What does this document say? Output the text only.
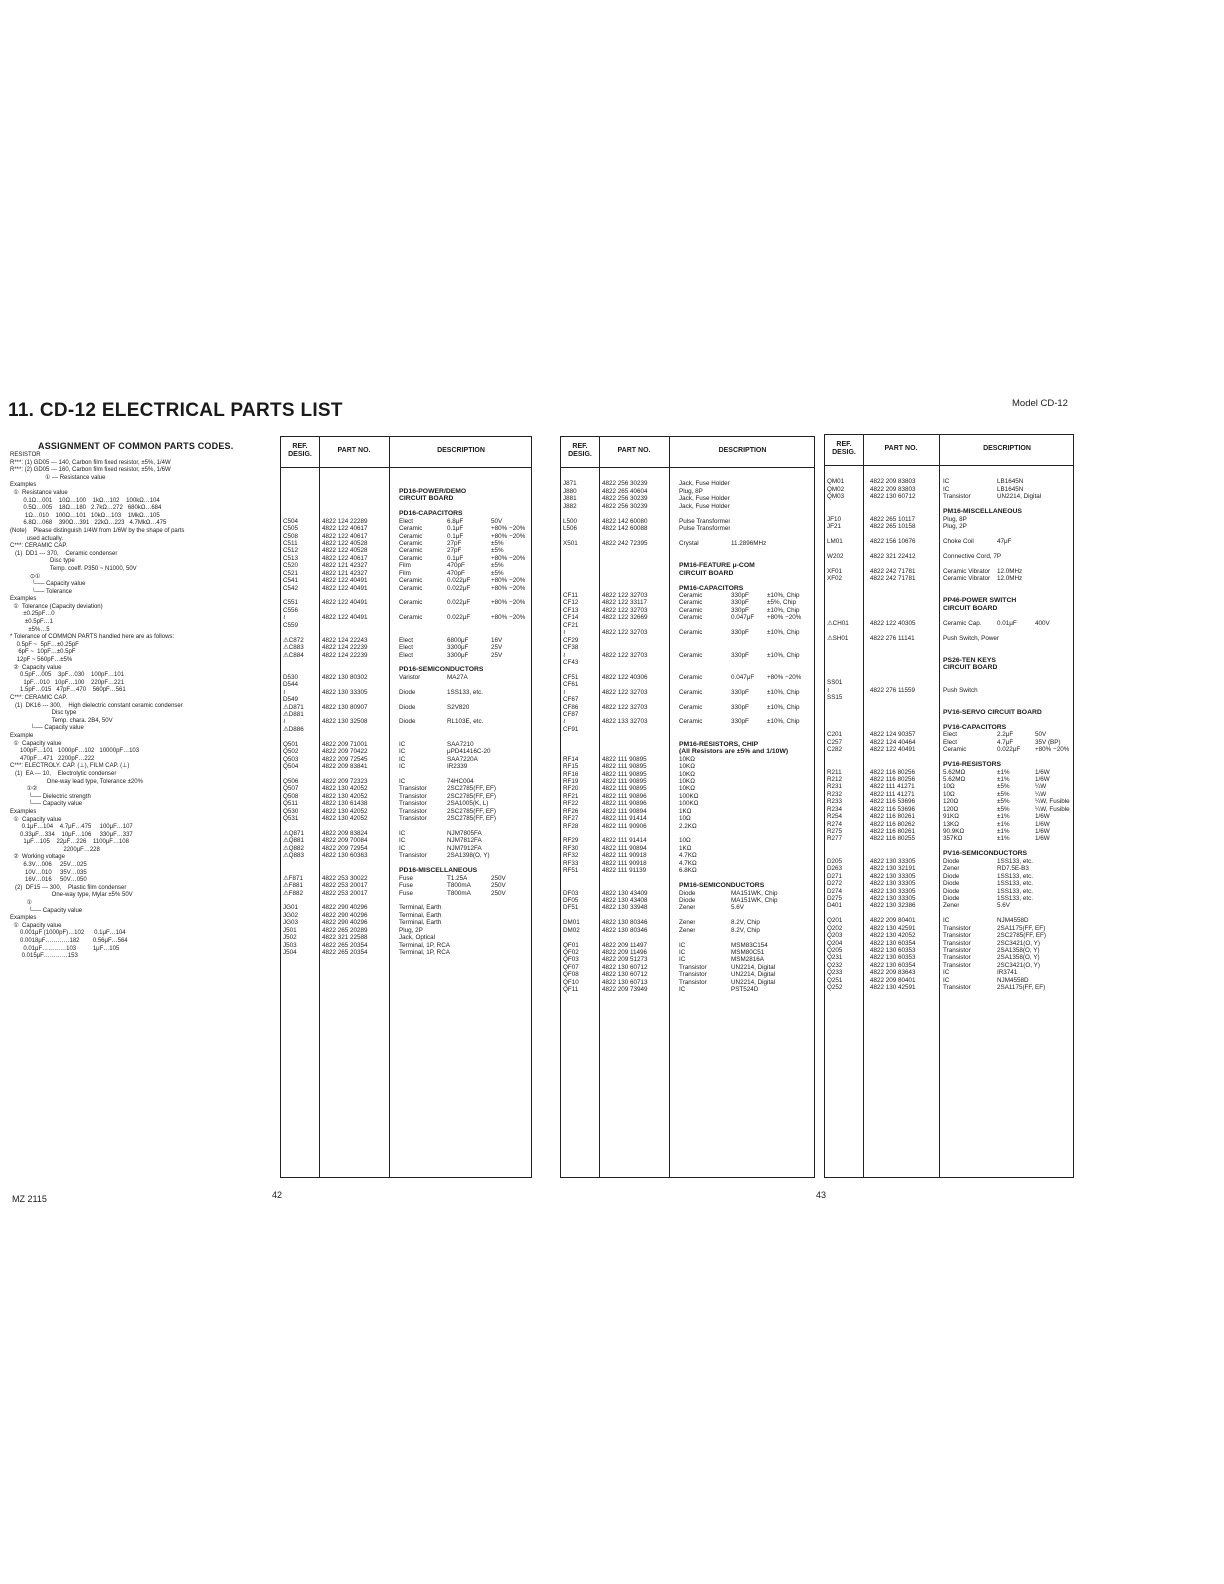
11. CD-12 ELECTRICAL PARTS LIST	Model CD-12
ASSIGNMENT OF COMMON PARTS CODES.
RESISTOR
R***: (1) GD05 --- 140, Carbon film fixed resistor, ±5%, 1/4W
R***: (2) GD05 --- 160, Carbon film fixed resistor, ±5%, 1/6W
① — Resistance value
Examples
①  Resistance value
0.1Ω…001    10Ω…100    1kΩ…102    100kΩ…104
0.5Ω…005    18Ω…180   2.7kΩ…272   680kΩ…684
1Ω…010    100Ω…101   10kΩ…103    1MkΩ…105
6.8Ω…068    390Ω…391   22kΩ…223   4.7MkΩ…475
(Note)    Please distinguish 1/4W from 1/6W by the shape of parts
used actually.
C***: CERAMIC CAP.
(1)  DD1 --- 370,    Ceramic condenser
Disc type
Temp. coeff. P350 ~ N1000, 50V
⊙①
└── Capacity value
└── Tolerance
Examples
①  Tolerance (Capacity deviation)
±0.25pF…0
±0.5pF…1
±5%…5
* Tolerance of COMMON PARTS handled here are as follows:
0.5pF ~  5pF…±0.25pF
6pF ~  10pF…±0.5pF
12pF ~ 560pF…±5%
②  Capacity value
0.5pF…005    3pF…030    100pF…101
1pF…010   10pF…100    220pF…221
1.5pF…015   47pF…470    560pF…561
C***: CERAMIC CAP.
(1)  DK16 --- 300,    High dielectric constant ceramic condenser
Disc type
Temp. chara. 2B4, 50V
└── Capacity value
Example
①  Capacity value
100pF…101   1000pF…102   10000pF…103
470pF…471   2200pF…222
C***: ELECTROLY. CAP. (⊥), FILM CAP. (⊥)
(1)  EA --- 10,    Electrolytic condenser
One-way lead type, Tolerance ±20%
①②
└── Dielectric strength
└── Capacity value
Examples
①  Capacity value
0.1μF…104    4.7μF…475     100μF…107
0.33μF…334    10μF…106     330μF…337
1μF…105    22μF…226    1100μF…108
2200μF…228
②  Working voltage
6.3V…006     25V…025
10V…010     35V…035
16V…016     50V…050
(2)  DF15 --- 300,    Plastic film condenser
One-way type, Mylar ±5% 50V
①
└── Capacity value
Examples
①  Capacity value
0.001μF (1000pF)…102      0.1μF…104
0.0018μF…………182        0.56μF…564
0.01μF…………103          1μF…105
0.015μF…………153
REF. DESIG.
PART NO.	DESCRIPTION
PD16-POWER/DEMO
CIRCUIT BOARD
PD16-CAPACITORS
C504	4822 124 22289	Elect	6.8μF	50V
C505	4822 122 40617	Ceramic	0.1μF	+80% −20%
C508	4822 122 40617	Ceramic	0.1μF	+80% −20%
C511	4822 122 40528	Ceramic	27pF	±5%
C512	4822 122 40528	Ceramic	27pF	±5%
C513	4822 122 40617	Ceramic	0.1μF	+80% −20%
C520	4822 121 42327	Film	470pF	±5%
C521	4822 121 42327	Film	470pF	±5%
C541	4822 122 40491	Ceramic	0.022μF	+80% −20%
C542	4822 122 40491	Ceramic	0.022μF	+80% −20%
C551	4822 122 40491	Ceramic	0.022μF	+80% −20%
C556
≀	4822 122 40491	Ceramic	0.022μF	+80% −20%
C559
⚠C872	4822 124 22243	Elect	6800μF	16V
⚠C883	4822 124 22239	Elect	3300μF	25V
⚠C884	4822 124 22239	Elect	3300μF	25V
PD16-SEMICONDUCTORS
D530	4822 130 80302	Varistor	MA27A
D544
≀	4822 130 33305	Diode	1SS133, etc.
D549
⚠D871	4822 130 80907	Diode	S2V820
⚠D881
≀	4822 130 32508	Diode	RL103E, etc.
⚠D886
Q501	4822 209 71001	IC	SAA7210
Q502	4822 209 70422	IC	μPD41416C-20
Q503	4822 209 72545	IC	SAA7220A
Q504	4822 209 83841	IC	IR2339
Q506	4822 209 72323	IC	74HC004
Q507	4822 130 42052	Transistor	2SC2785(FF, EF)
Q508	4822 130 42052	Transistor	2SC2785(FF, EF)
Q511	4822 130 61438	Transistor	2SA1005(K, L)
Q530	4822 130 42052	Transistor	2SC2785(FF, EF)
Q531	4822 130 42052	Transistor	2SC2785(FF, EF)
⚠Q871	4822 209 83824	IC	NJM7805FA
⚠Q881	4822 209 70084	IC	NJM7812FA
⚠Q882	4822 209 72954	IC	NJM7912FA
⚠Q883	4822 130 60363	Transistor	2SA1398(O, Y)
PD16-MISCELLANEOUS
⚠F871	4822 253 30022	Fuse	T1.25A	250V
⚠F881	4822 253 20017	Fuse	T800mA	250V
⚠F882	4822 253 20017	Fuse	T800mA	250V
JG01	4822 290 40296	Terminal, Earth
JG02	4822 290 40296	Terminal, Earth
JG03	4822 290 40296	Terminal, Earth
J501	4822 265 20289	Plug, 2P
J502	4822 321 22588	Jack, Optical
J503	4822 265 20354	Terminal, 1P, RCA
J504	4822 265 20354	Terminal, 1P, RCA
REF. DESIG.
PART NO.	DESCRIPTION
J871	4822 256 30239	Jack, Fuse Holder
J880	4822 265 40604	Plug, 8P
J881	4822 256 30239	Jack, Fuse Holder
J882	4822 256 30239	Jack, Fuse Holder
L500	4822 142 60080	Pulse Transformer
L506	4822 142 60088	Pulse Transformer
X501	4822 242 72395	Crystal	11.2896MHz
PM16-FEATURE μ-COM
CIRCUIT BOARD
PM16-CAPACITORS
CF11	4822 122 32703	Ceramic	330pF	±10%, Chip
CF12	4822 122 33117	Ceramic	330pF	±5%, Chip
CF13	4822 122 32703	Ceramic	330pF	±10%, Chip
CF14	4822 122 32669	Ceramic	0.047μF +80% −20%
CF21
≀	4822 122 32703	Ceramic	330pF	±10%, Chip
CF29
CF38
≀	4822 122 32703	Ceramic	330pF	±10%, Chip
CF43
CF51	4822 122 40306	Ceramic	0.047μF +80% −20%
CF61
≀	4822 122 32703	Ceramic	330pF	±10%, Chip
CF67
CF86	4822 122 32703	Ceramic	330pF	±10%, Chip
CF87
≀	4822 133 32703	Ceramic	330pF	±10%, Chip
CF91
PM16-RESISTORS, CHIP
(All Resistors are ±5% and 1/10W)
RF14	4822 111 90895	10KΩ
RF15	4822 111 90895	10KΩ
RF16	4822 111 90895	10KΩ
RF19	4822 111 90895	10KΩ
RF20	4822 111 90895	10KΩ
RF21	4822 111 90896	100KΩ
RF22	4822 111 90896	100KΩ
RF26	4822 111 90894	1KΩ
RF27	4822 111 91414	10Ω
RF28	4822 111 90906	2.2KΩ
RF29	4822 111 91414	10Ω
RF30	4822 111 90894	1KΩ
RF32	4822 111 90918	4.7KΩ
RF33	4822 111 90918	4.7KΩ
RF51	4822 111 91139	6.8KΩ
PM16-SEMICONDUCTORS
DF03	4822 130 43409	Diode	MA151WK, Chip
DF05	4822 130 43408	Diode	MA151WK, Chip
DF51	4822 130 33948	Zener	5.6V
DM01	4822 130 80346	Zener	8.2V, Chip
DM02	4822 130 80346	Zener	8.2V, Chip
QF01	4822 209 11497	IC	MSM83C154
QF02	4822 209 11496	IC	MSM80C51
QF03	4822 209 51273	IC	MSM2816A
QF07	4822 130 60712	Transistor	UN2214, Digital
QF08	4822 130 60712	Transistor	UN2214, Digital
QF10	4822 130 60713	Transistor	UN2214, Digital
QF11	4822 209 73949	IC	PST524D
REF. DESIG.
PART NO.	DESCRIPTION
QM01	4822 209 83803	IC	LB1645N
QM02	4822 209 83803	IC	LB1645N
QM03	4822 130 60712	Transistor	UN2214, Digital
PM16-MISCELLANEOUS
JF10	4822 265 10117	Plug, 8P
JF21	4822 265 10158	Plug, 2P
LM01	4822 156 10676	Choke Coil	47μF
W202	4822 321 22412	Connective Cord, 7P
XF01	4822 242 71781	Ceramic Vibrator 12.0MHz
XF02	4822 242 71781	Ceramic Vibrator 12.0MHz
PP46-POWER SWITCH
CIRCUIT BOARD
⚠CH01	4822 122 40305	Ceramic Cap. 0.01μF	400V
⚠SH01	4822 276 11141	Push Switch, Power
PS26-TEN KEYS
CIRCUIT BOARD
SS01
≀	4822 276 11559	Push Switch
SS15
PV16-SERVO CIRCUIT BOARD
PV16-CAPACITORS
C201	4822 124 90357	Elect	2.2μF	50V
C257	4822 124 40464	Elect	4.7μF	35V (BP)
C282	4822 122 40491	Ceramic	0.022μF +80% −20%
PV16-RESISTORS
R211	4822 116 80256	5.62MΩ	±1%	1/6W
R212	4822 116 80256	5.62MΩ	±1%	1/6W
R231	4822 111 41271	10Ω	±5%	¼W
R232	4822 111 41271	10Ω	±5%	¼W
R233	4822 116 53696	120Ω	±5%	¼W, Fusible
R234	4822 116 53696	120Ω	±5%	¼W, Fusible
R254	4822 116 80261	91KΩ	±1%	1/6W
R274	4822 116 80262	13KΩ	±1%	1/6W
R275	4822 116 80261	90.9KΩ	±1%	1/6W
R277	4822 116 80255	357KΩ	±1%	1/6W
PV16-SEMICONDUCTORS
D205	4822 130 33305	Diode	1SS133, etc.
D263	4822 130 32191	Zener	RD7.5E-B3
D271	4822 130 33305	Diode	1SS133, etc.
D272	4822 130 33305	Diode	1SS133, etc.
D274	4822 130 33305	Diode	1SS133, etc.
D275	4822 130 33305	Diode	1SS133, etc.
D401	4822 130 32386	Zener	5.6V
Q201	4822 209 80401	IC	NJM4558D
Q202	4822 130 42591	Transistor	2SA1175(FF, EF)
Q203	4822 130 42052	Transistor	2SC2785(FF, EF)
Q204	4822 130 60354	Transistor	2SC3421(O, Y)
Q205	4822 130 60353	Transistor	2SA1358(O, Y)
Q231	4822 130 60353	Transistor	2SA1358(O, Y)
Q232	4822 130 60354	Transistor	2SC3421(O, Y)
Q233	4822 209 83643	IC	IR3741
Q251	4822 209 80401	IC	NJM4558D
Q252	4822 130 42591	Transistor	2SA1175(FF, EF)
MZ 2115	42	43
